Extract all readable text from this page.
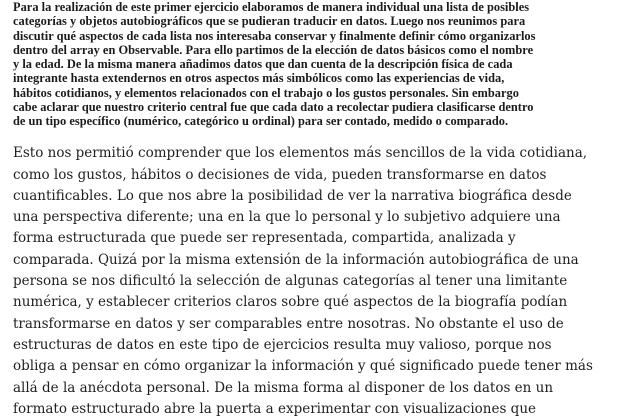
Para la realización de este primer ejercicio elaboramos de manera individual una lista de posibles
categorías y objetos autobiográficos que se pudieran traducir en datos. Luego nos reunimos para
discutir qué aspectos de cada lista nos interesaba conservar y finalmente definir cómo organizarlos
dentro del array en Observable. Para ello partimos de la elección de datos básicos como el nombre
y la edad. De la misma manera añadimos datos que dan cuenta de la descripción física de cada
integrante hasta extendernos en otros aspectos más simbólicos como las experiencias de vida,
hábitos cotidianos, y elementos relacionados con el trabajo o los gustos personales. Sin embargo
cabe aclarar que nuestro criterio central fue que cada dato a recolectar pudiera clasificarse dentro
de un tipo específico (numérico, categórico u ordinal) para ser contado, medido o comparado.

Esto nos permitió comprender que los elementos más sencillos de la vida cotidiana,
como los gustos, hábitos o decisiones de vida, pueden transformarse en datos
cuantificables. Lo que nos abre la posibilidad de ver la narrativa biográfica desde
una perspectiva diferente; una en la que lo personal y lo subjetivo adquiere una
forma estructurada que puede ser representada, compartida, analizada y
comparada. Quizá por la misma extensión de la información autobiográfica de una
persona se nos dificultó la selección de algunas categorías al tener una limitante
numérica, y establecer criterios claros sobre qué aspectos de la biografía podían
transformarse en datos y ser comparables entre nosotras. No obstante el uso de
estructuras de datos en este tipo de ejercicios resulta muy valioso, porque nos
obliga a pensar en cómo organizar la información y qué significado puede tener más
allá de la anécdota personal. De la misma forma al disponer de los datos en un
formato estructurado abre la puerta a experimentar con visualizaciones que
